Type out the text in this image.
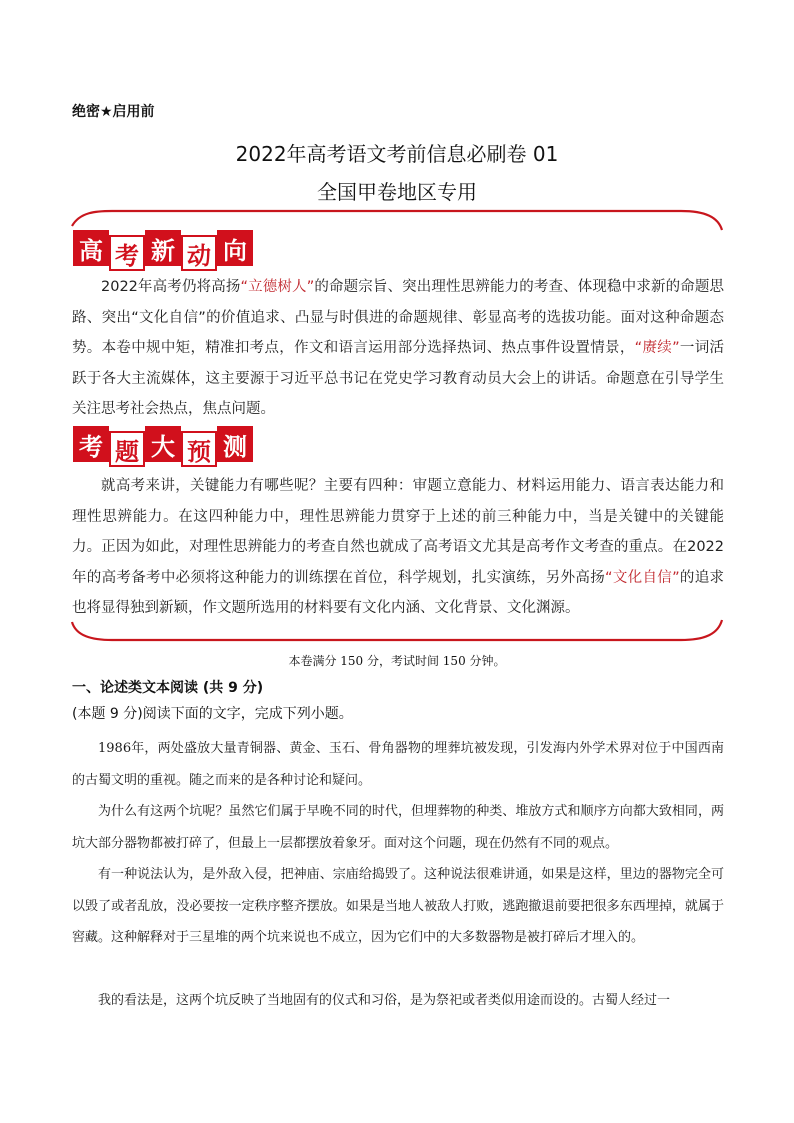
绝密★启用前
2022年高考语文考前信息必刷卷 01
全国甲卷地区专用
高 考 新 动 向
2022年高考仍将高扬“立德树人”的命题宗旨、突出理性思辨能力的考查、体现稳中求新的命题思路、突出“文化自信”的价值追求、凸显与时俱进的命题规律、彰显高考的选拔功能。面对这种命题态势。本卷中规中矩，精准扣考点，作文和语言运用部分选择热词、热点事件设置情景，“赓续”一词活跃于各大主流媒体，这主要源于习近平总书记在党史学习教育动员大会上的讲话。命题意在引导学生关注思考社会热点，焦点问题。
考 题 大 预 测
就高考来讲，关键能力有哪些呢？主要有四种：审题立意能力、材料运用能力、语言表达能力和理性思辨能力。在这四种能力中，理性思辨能力贯穿于上述的前三种能力中，当是关键中的关键能力。正因为如此，对理性思辨能力的考查自然也就成了高考语文尤其是高考作文考查的重点。在2022年的高考备考中必须将这种能力的训练摆在首位，科学规划，扎实演练，另外高扬“文化自信”的追求也将显得独到新颖，作文题所选用的材料要有文化内涵、文化背景、文化渊源。
本卷满分 150 分，考试时间 150 分钟。
一、论述类文本阅读 (共 9 分)
(本题 9 分)阅读下面的文字，完成下列小题。
1986年，两处盛放大量青铜器、黄金、玉石、骨角器物的埋葬坑被发现，引发海内外学术界对位于中国西南的古蜀文明的重视。随之而来的是各种讨论和疑问。
为什么有这两个坑呢？虽然它们属于早晚不同的时代，但埋葬物的种类、堆放方式和顺序方向都大致相同，两坑大部分器物都被打碎了，但最上一层都摆放着象牙。面对这个问题，现在仍然有不同的观点。
有一种说法认为，是外敌入侵，把神庙、宗庙给捣毁了。这种说法很难讲通，如果是这样，里边的器物完全可以毁了或者乱放，没必要按一定秩序整齐摆放。如果是当地人被敌人打败，逃跑撤退前要把很多东西埋掉，就属于窖藏。这种解释对于三星堆的两个坑来说也不成立，因为它们中的大多数器物是被打碎后才埋入的。
我的看法是，这两个坑反映了当地固有的仪式和习俗，是为祭祀或者类似用途而设的。古蜀人经过一
